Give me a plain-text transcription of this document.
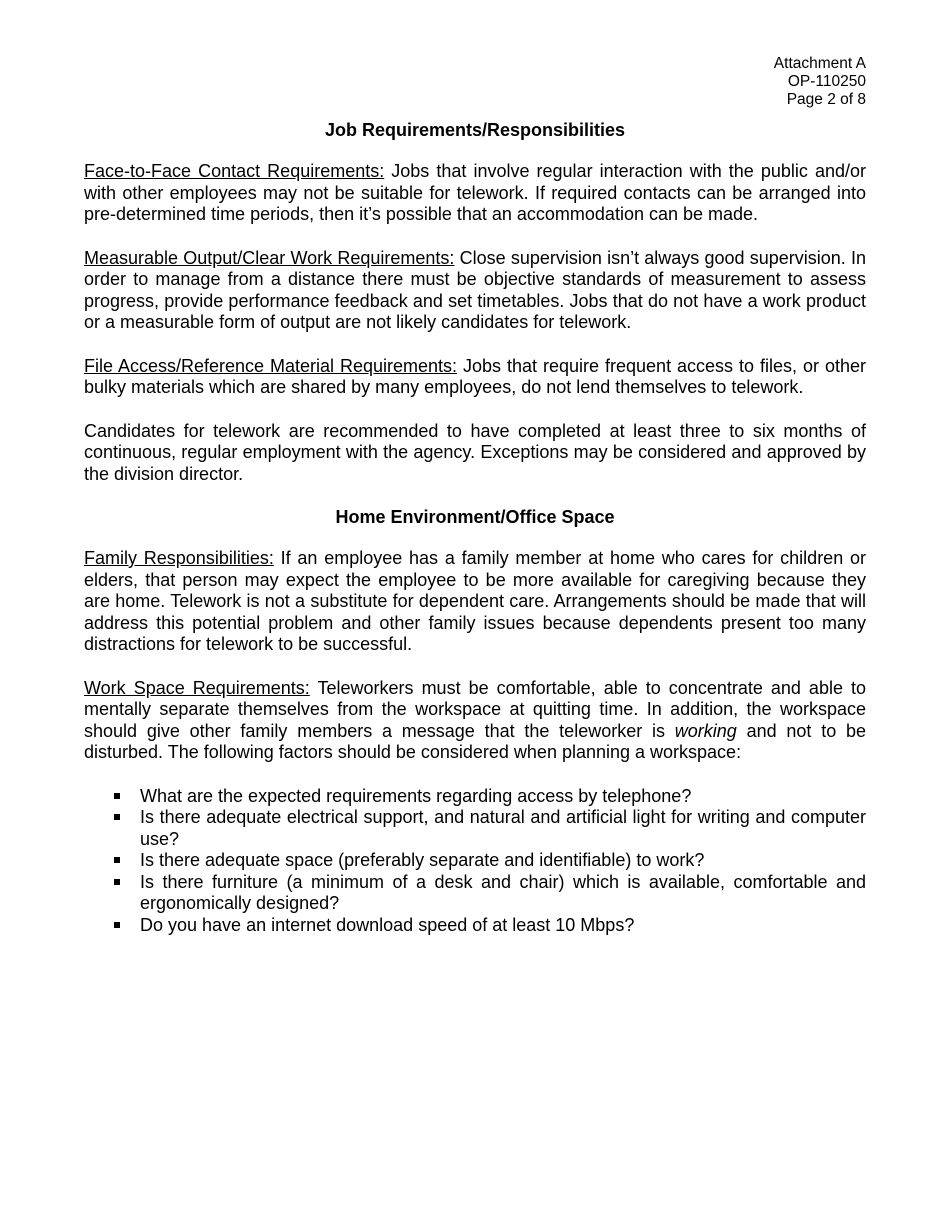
Attachment A
OP-110250
Page 2 of 8
Job Requirements/Responsibilities

Face-to-Face Contact Requirements: Jobs that involve regular interaction with the public and/or with other employees may not be suitable for telework. If required contacts can be arranged into pre-determined time periods, then it’s possible that an accommodation can be made.

Measurable Output/Clear Work Requirements: Close supervision isn’t always good supervision. In order to manage from a distance there must be objective standards of measurement to assess progress, provide performance feedback and set timetables. Jobs that do not have a work product or a measurable form of output are not likely candidates for telework.

File Access/Reference Material Requirements: Jobs that require frequent access to files, or other bulky materials which are shared by many employees, do not lend themselves to telework.

Candidates for telework are recommended to have completed at least three to six months of continuous, regular employment with the agency. Exceptions may be considered and approved by the division director.

Home Environment/Office Space

Family Responsibilities: If an employee has a family member at home who cares for children or elders, that person may expect the employee to be more available for caregiving because they are home. Telework is not a substitute for dependent care. Arrangements should be made that will address this potential problem and other family issues because dependents present too many distractions for telework to be successful.

Work Space Requirements: Teleworkers must be comfortable, able to concentrate and able to mentally separate themselves from the workspace at quitting time. In addition, the workspace should give other family members a message that the teleworker is working and not to be disturbed. The following factors should be considered when planning a workspace:

What are the expected requirements regarding access by telephone?
Is there adequate electrical support, and natural and artificial light for writing and computer use?
Is there adequate space (preferably separate and identifiable) to work?
Is there furniture (a minimum of a desk and chair) which is available, comfortable and ergonomically designed?
Do you have an internet download speed of at least 10 Mbps?
